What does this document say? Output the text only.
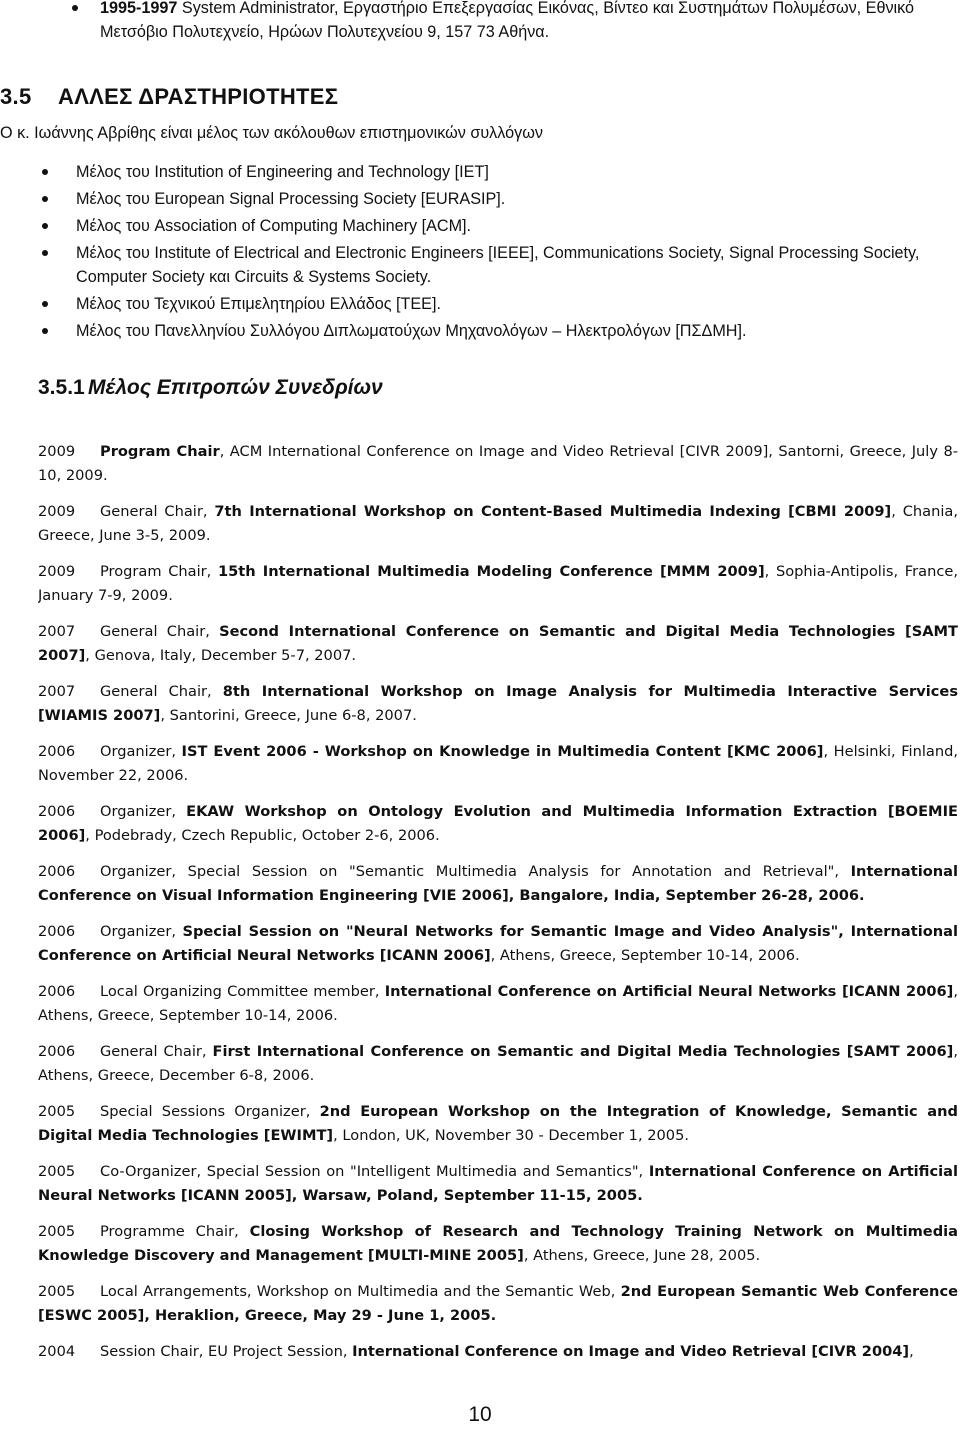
1995-1997 System Administrator, Εργαστήριο Επεξεργασίας Εικόνας, Βίντεο και Συστημάτων Πολυμέσων, Εθνικό Μετσόβιο Πολυτεχνείο, Ηρώων Πολυτεχνείου 9, 157 73 Αθήνα.
3.5 ΑΛΛΕΣ ΔΡΑΣΤΗΡΙΟΤΗΤΕΣ
Ο κ. Ιωάννης Αβρίθης είναι μέλος των ακόλουθων επιστημονικών συλλόγων
Μέλος του Institution of Engineering and Technology [IET]
Μέλος του European Signal Processing Society [EURASIP].
Μέλος του Association of Computing Machinery [ACM].
Μέλος του Institute of Electrical and Electronic Engineers [IEEE], Communications Society, Signal Processing Society, Computer Society και Circuits & Systems Society.
Μέλος του Τεχνικού Επιμελητηρίου Ελλάδος [ΤΕΕ].
Μέλος του Πανελληνίου Συλλόγου Διπλωματούχων Μηχανολόγων – Ηλεκτρολόγων [ΠΣΔΜΗ].
3.5.1 Μέλος Επιτροπών Συνεδρίων
2009 Program Chair, ACM International Conference on Image and Video Retrieval [CIVR 2009], Santorni, Greece, July 8-10, 2009.
2009 General Chair, 7th International Workshop on Content-Based Multimedia Indexing [CBMI 2009], Chania, Greece, June 3-5, 2009.
2009 Program Chair, 15th International Multimedia Modeling Conference [MMM 2009], Sophia-Antipolis, France, January 7-9, 2009.
2007 General Chair, Second International Conference on Semantic and Digital Media Technologies [SAMT 2007], Genova, Italy, December 5-7, 2007.
2007 General Chair, 8th International Workshop on Image Analysis for Multimedia Interactive Services [WIAMIS 2007], Santorini, Greece, June 6-8, 2007.
2006 Organizer, IST Event 2006 - Workshop on Knowledge in Multimedia Content [KMC 2006], Helsinki, Finland, November 22, 2006.
2006 Organizer, EKAW Workshop on Ontology Evolution and Multimedia Information Extraction [BOEMIE 2006], Podebrady, Czech Republic, October 2-6, 2006.
2006 Organizer, Special Session on "Semantic Multimedia Analysis for Annotation and Retrieval", International Conference on Visual Information Engineering [VIE 2006], Bangalore, India, September 26-28, 2006.
2006 Organizer, Special Session on "Neural Networks for Semantic Image and Video Analysis", International Conference on Artificial Neural Networks [ICANN 2006], Athens, Greece, September 10-14, 2006.
2006 Local Organizing Committee member, International Conference on Artificial Neural Networks [ICANN 2006], Athens, Greece, September 10-14, 2006.
2006 General Chair, First International Conference on Semantic and Digital Media Technologies [SAMT 2006], Athens, Greece, December 6-8, 2006.
2005 Special Sessions Organizer, 2nd European Workshop on the Integration of Knowledge, Semantic and Digital Media Technologies [EWIMT], London, UK, November 30 - December 1, 2005.
2005 Co-Organizer, Special Session on "Intelligent Multimedia and Semantics", International Conference on Artificial Neural Networks [ICANN 2005], Warsaw, Poland, September 11-15, 2005.
2005 Programme Chair, Closing Workshop of Research and Technology Training Network on Multimedia Knowledge Discovery and Management [MULTI-MINE 2005], Athens, Greece, June 28, 2005.
2005 Local Arrangements, Workshop on Multimedia and the Semantic Web, 2nd European Semantic Web Conference [ESWC 2005], Heraklion, Greece, May 29 - June 1, 2005.
2004 Session Chair, EU Project Session, International Conference on Image and Video Retrieval [CIVR 2004],
10
